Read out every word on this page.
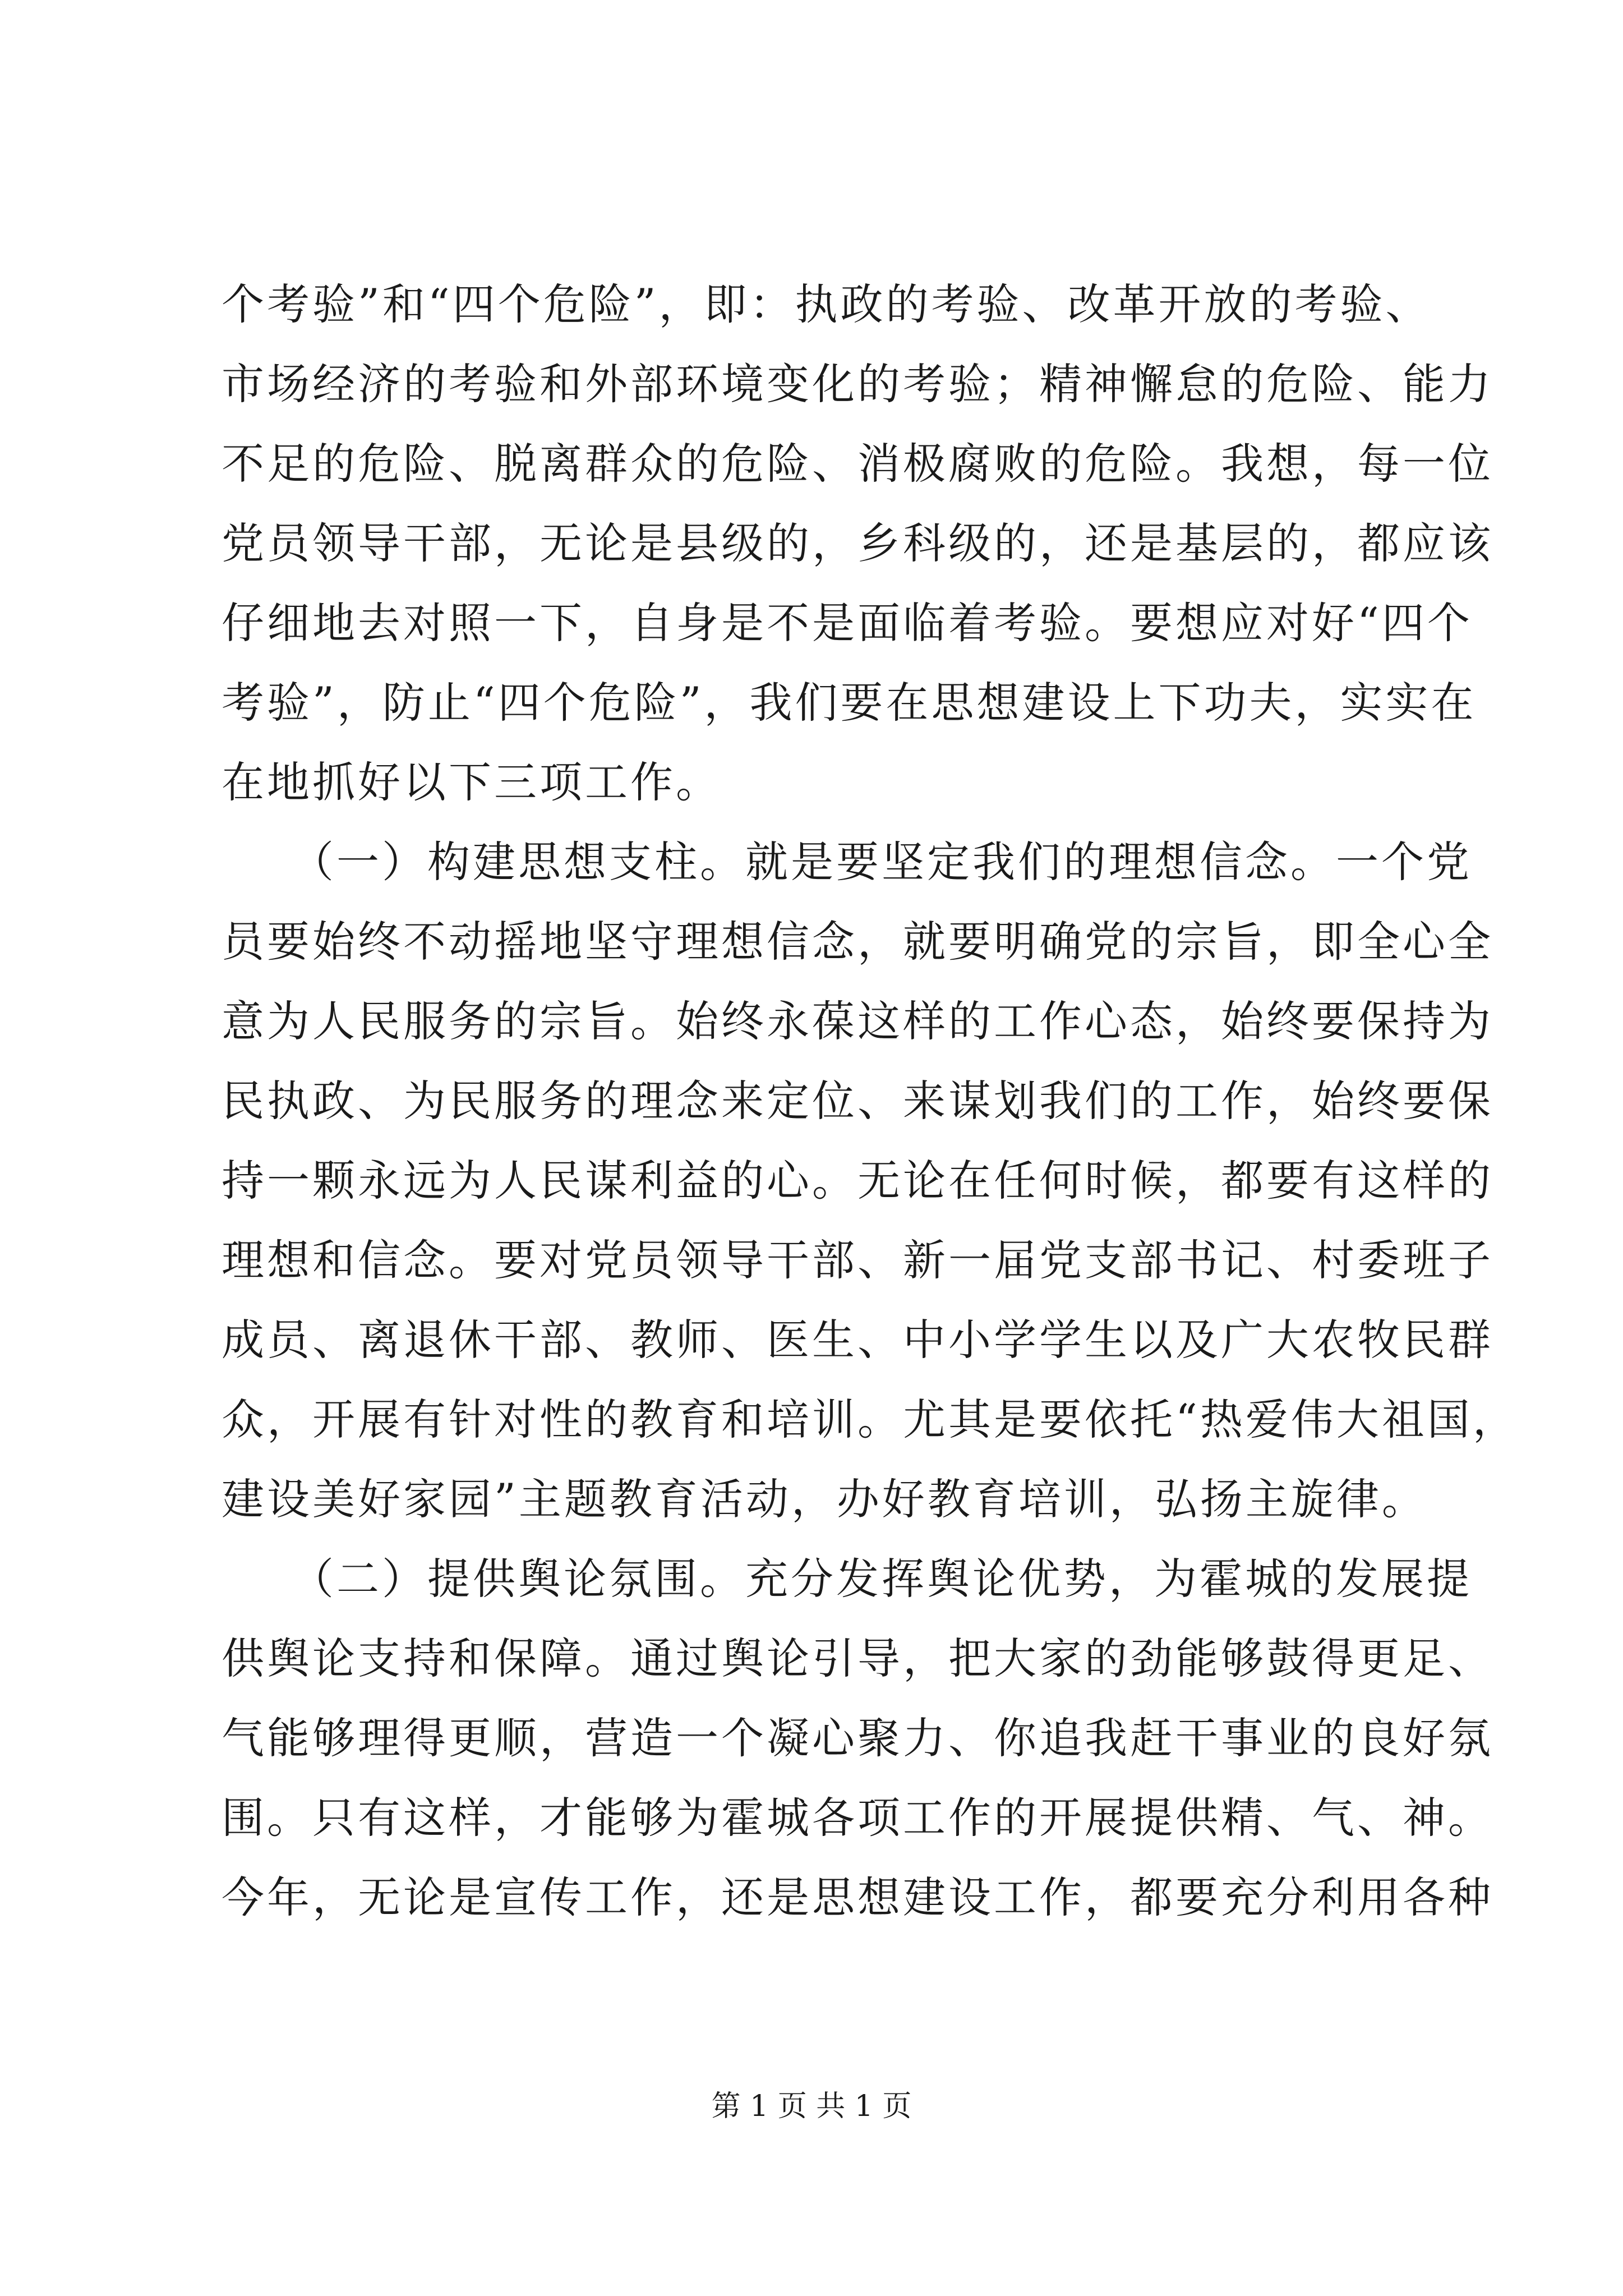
个考验”和“四个危险”，即：执政的考验、改革开放的考验、
市场经济的考验和外部环境变化的考验；精神懈怠的危险、能力
不足的危险、脱离群众的危险、消极腐败的危险。我想，每一位
党员领导干部，无论是县级的，乡科级的，还是基层的，都应该
仔细地去对照一下，自身是不是面临着考验。要想应对好“四个
考验”，防止“四个危险”，我们要在思想建设上下功夫，实实在
在地抓好以下三项工作。
　　（一）构建思想支柱。就是要坚定我们的理想信念。一个党
员要始终不动摇地坚守理想信念，就要明确党的宗旨，即全心全
意为人民服务的宗旨。始终永葆这样的工作心态，始终要保持为
民执政、为民服务的理念来定位、来谋划我们的工作，始终要保
持一颗永远为人民谋利益的心。无论在任何时候，都要有这样的
理想和信念。要对党员领导干部、新一届党支部书记、村委班子
成员、离退休干部、教师、医生、中小学学生以及广大农牧民群
众，开展有针对性的教育和培训。尤其是要依托“热爱伟大祖国，
建设美好家园”主题教育活动，办好教育培训，弘扬主旋律。
　　（二）提供舆论氛围。充分发挥舆论优势，为霍城的发展提
供舆论支持和保障。通过舆论引导，把大家的劲能够鼓得更足、
气能够理得更顺，营造一个凝心聚力、你追我赶干事业的良好氛
围。只有这样，才能够为霍城各项工作的开展提供精、气、神。
今年，无论是宣传工作，还是思想建设工作，都要充分利用各种
第 1 页 共 1 页
